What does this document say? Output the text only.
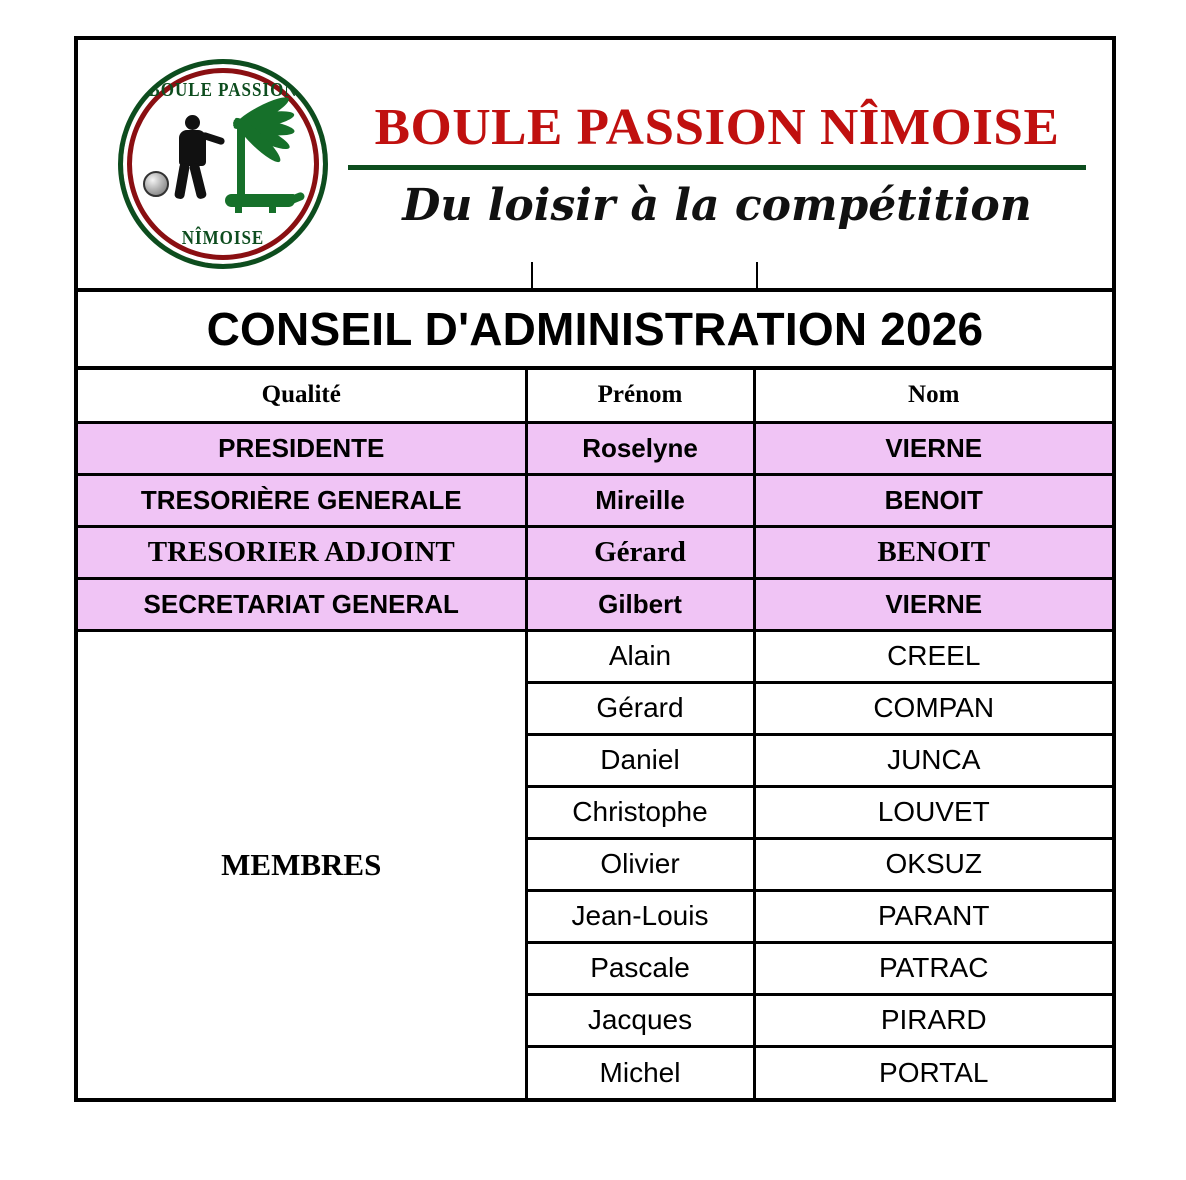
BOULE PASSION
NÎMOISE
BOULE PASSION NÎMOISE
Du loisir à la compétition
CONSEIL D'ADMINISTRATION 2026
Qualité	Prénom	Nom
PRESIDENTE	Roselyne	VIERNE
TRESORIÈRE GENERALE	Mireille	BENOIT
TRESORIER ADJOINT	Gérard	BENOIT
SECRETARIAT GENERAL	Gilbert	VIERNE
MEMBRES	Alain	CREEL
	Gérard	COMPAN
	Daniel	JUNCA
	Christophe	LOUVET
	Olivier	OKSUZ
	Jean-Louis	PARANT
	Pascale	PATRAC
	Jacques	PIRARD
	Michel	PORTAL
